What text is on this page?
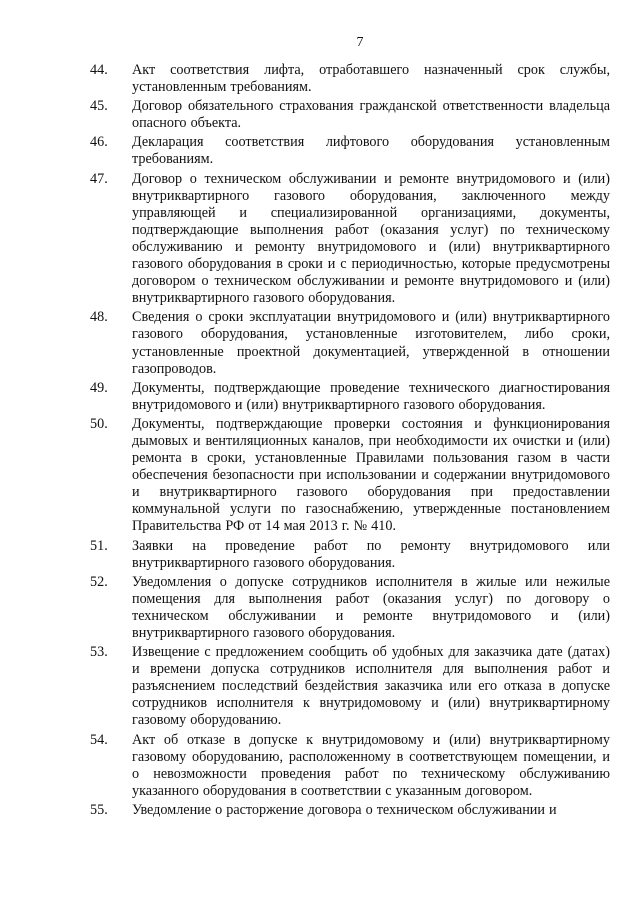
7
44.	Акт соответствия лифта, отработавшего назначенный срок службы, установленным требованиям.
45.	Договор обязательного страхования гражданской ответственности владельца опасного объекта.
46.	Декларация соответствия лифтового оборудования установленным требованиям.
47.	Договор о техническом обслуживании и ремонте внутридомового и (или) внутриквартирного газового оборудования, заключенного между управляющей и специализированной организациями, документы, подтверждающие выполнения работ (оказания услуг) по техническому обслуживанию и ремонту внутридомового и (или) внутриквартирного газового оборудования в сроки и с периодичностью, которые предусмотрены договором о техническом обслуживании и ремонте внутридомового и (или) внутриквартирного газового оборудования.
48.	Сведения о сроки эксплуатации внутридомового и (или) внутриквартирного газового оборудования, установленные изготовителем, либо сроки, установленные проектной документацией, утвержденной в отношении газопроводов.
49.	Документы, подтверждающие проведение технического диагностирования внутридомового и (или) внутриквартирного газового оборудования.
50.	Документы, подтверждающие проверки состояния и функционирования дымовых и вентиляционных каналов, при необходимости их очистки и (или) ремонта в сроки, установленные Правилами пользования газом в части обеспечения безопасности при использовании и содержании внутридомового и внутриквартирного газового оборудования при предоставлении коммунальной услуги по газоснабжению, утвержденные постановлением Правительства РФ от 14 мая 2013 г. № 410.
51.	Заявки на проведение работ по ремонту внутридомового или внутриквартирного газового оборудования.
52.	Уведомления о допуске сотрудников исполнителя в жилые или нежилые помещения для выполнения работ (оказания услуг) по договору о техническом обслуживании и ремонте внутридомового и (или) внутриквартирного газового оборудования.
53.	Извещение с предложением сообщить об удобных для заказчика дате (датах) и времени допуска сотрудников исполнителя для выполнения работ и разъяснением последствий бездействия заказчика или его отказа в допуске сотрудников исполнителя к внутридомовому и (или) внутриквартирному газовому оборудованию.
54.	Акт об отказе в допуске к внутридомовому и (или) внутриквартирному газовому оборудованию, расположенному в соответствующем помещении, и о невозможности проведения работ по техническому обслуживанию указанного оборудования в соответствии с указанным договором.
55.	Уведомление о расторжение договора о техническом обслуживании и
